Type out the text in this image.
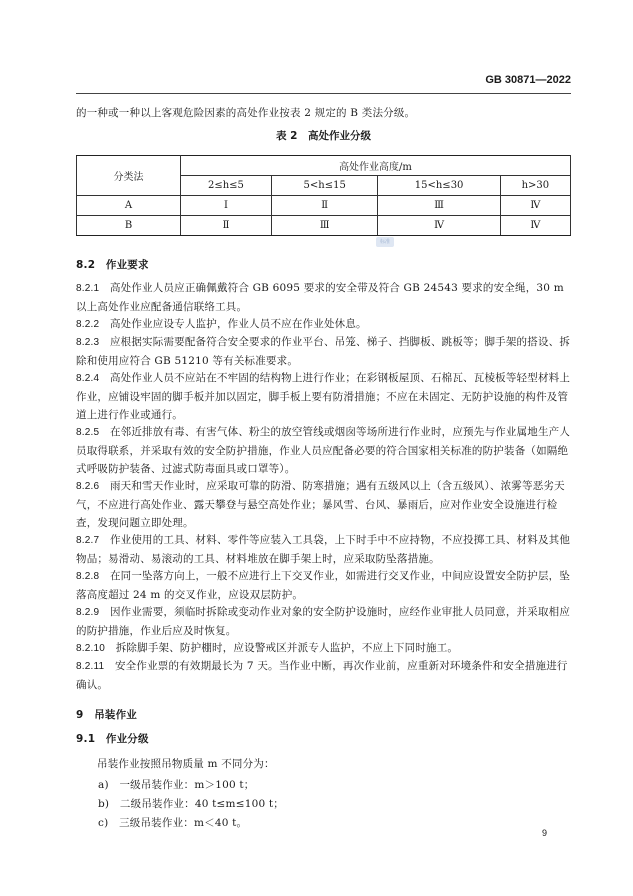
GB 30871—2022

的一种或一种以上客观危险因素的高处作业按表 2 规定的 B 类法分级。

表 2　高处作业分级
分类法	高处作业高度/m			
	2≤h≤5	5<h≤15	15<h≤30	h>30
A	Ⅰ	Ⅱ	Ⅲ	Ⅳ
B	Ⅱ	Ⅲ	Ⅳ	Ⅳ
标准

8.2　作业要求

8.2.1　 高处作业人员应正确佩戴符合 GB 6095 要求的安全带及符合 GB 24543 要求的安全绳，30 m 以上高处作业应配备通信联络工具。

8.2.2　 高处作业应设专人监护，作业人员不应在作业处休息。

8.2.3　 应根据实际需要配备符合安全要求的作业平台、吊笼、梯子、挡脚板、跳板等；脚手架的搭设、拆除和使用应符合 GB 51210 等有关标准要求。

8.2.4　 高处作业人员不应站在不牢固的结构物上进行作业；在彩钢板屋顶、石棉瓦、瓦棱板等轻型材料上作业，应铺设牢固的脚手板并加以固定，脚手板上要有防滑措施；不应在未固定、无防护设施的构件及管道上进行作业或通行。

8.2.5　 在邻近排放有毒、有害气体、粉尘的放空管线或烟囱等场所进行作业时，应预先与作业属地生产人员取得联系，并采取有效的安全防护措施，作业人员应配备必要的符合国家相关标准的防护装备（如隔绝式呼吸防护装备、过滤式防毒面具或口罩等）。

8.2.6　 雨天和雪天作业时，应采取可靠的防滑、防寒措施；遇有五级风以上（含五级风）、浓雾等恶劣天气，不应进行高处作业、露天攀登与悬空高处作业；暴风雪、台风、暴雨后，应对作业安全设施进行检查，发现问题立即处理。

8.2.7　 作业使用的工具、材料、零件等应装入工具袋，上下时手中不应持物，不应投掷工具、材料及其他物品；易滑动、易滚动的工具、材料堆放在脚手架上时，应采取防坠落措施。

8.2.8　 在同一坠落方向上，一般不应进行上下交叉作业，如需进行交叉作业，中间应设置安全防护层，坠落高度超过 24 m 的交叉作业，应设双层防护。

8.2.9　 因作业需要，须临时拆除或变动作业对象的安全防护设施时，应经作业审批人员同意，并采取相应的防护措施，作业后应及时恢复。

8.2.10　 拆除脚手架、防护棚时，应设警戒区并派专人监护，不应上下同时施工。

8.2.11　 安全作业票的有效期最长为 7 天。当作业中断，再次作业前，应重新对环境条件和安全措施进行确认。

9　吊装作业

9.1　作业分级

吊装作业按照吊物质量 m 不同分为：

a)　一级吊装作业：m＞100 t；

b)　二级吊装作业：40 t≤m≤100 t；

c)　三级吊装作业：m＜40 t。

9
